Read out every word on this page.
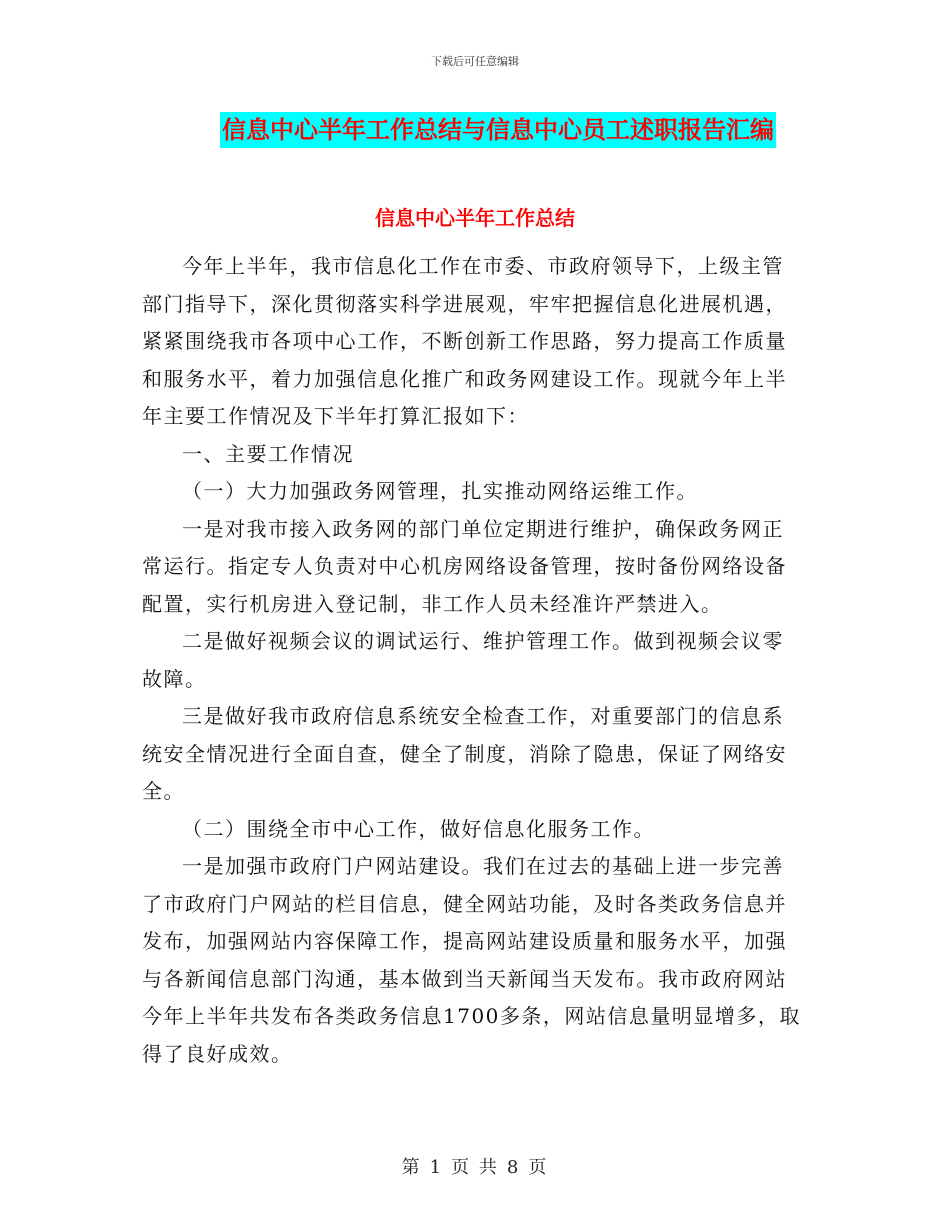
下载后可任意编辑
信息中心半年工作总结与信息中心员工述职报告汇编
信息中心半年工作总结

今年上半年，我市信息化工作在市委、市政府领导下，上级主管部门指导下，深化贯彻落实科学进展观，牢牢把握信息化进展机遇，紧紧围绕我市各项中心工作，不断创新工作思路，努力提高工作质量和服务水平，着力加强信息化推广和政务网建设工作。现就今年上半年主要工作情况及下半年打算汇报如下：

一、主要工作情况

（一）大力加强政务网管理，扎实推动网络运维工作。

一是对我市接入政务网的部门单位定期进行维护，确保政务网正常运行。指定专人负责对中心机房网络设备管理，按时备份网络设备配置，实行机房进入登记制，非工作人员未经准许严禁进入。

二是做好视频会议的调试运行、维护管理工作。做到视频会议零故障。

三是做好我市政府信息系统安全检查工作，对重要部门的信息系统安全情况进行全面自查，健全了制度，消除了隐患，保证了网络安全。

（二）围绕全市中心工作，做好信息化服务工作。

一是加强市政府门户网站建设。我们在过去的基础上进一步完善了市政府门户网站的栏目信息，健全网站功能，及时各类政务信息并发布，加强网站内容保障工作，提高网站建设质量和服务水平，加强与各新闻信息部门沟通，基本做到当天新闻当天发布。我市政府网站今年上半年共发布各类政务信息1700多条，网站信息量明显增多，取得了良好成效。

第 1 页 共 8 页
